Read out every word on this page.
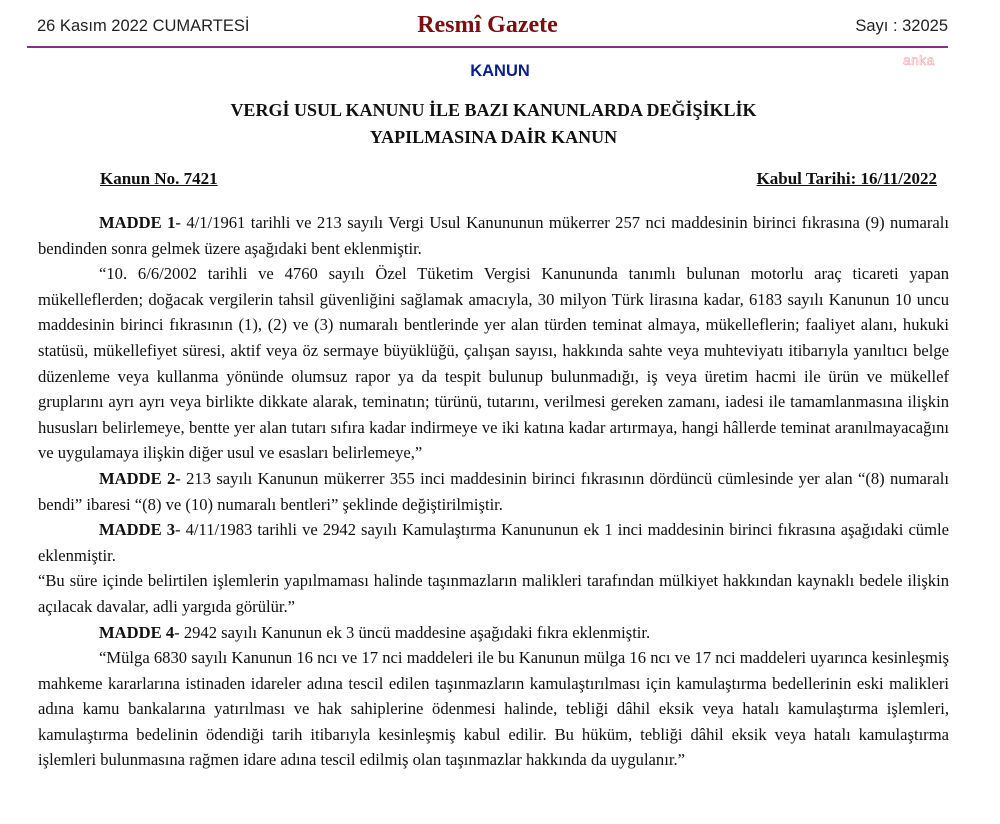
26 Kasım 2022 CUMARTESİ	Resmî Gazete	Sayı : 32025
anka
KANUN
VERGİ USUL KANUNU İLE BAZI KANUNLARDA DEĞİŞİKLİK
YAPILMASINA DAİR KANUN
Kanun No. 7421	Kabul Tarihi: 16/11/2022

MADDE 1- 4/1/1961 tarihli ve 213 sayılı Vergi Usul Kanununun mükerrer 257 nci maddesinin birinci fıkrasına (9) numaralı bendinden sonra gelmek üzere aşağıdaki bent eklenmiştir.

“10. 6/6/2002 tarihli ve 4760 sayılı Özel Tüketim Vergisi Kanununda tanımlı bulunan motorlu araç ticareti yapan mükelleflerden; doğacak vergilerin tahsil güvenliğini sağlamak amacıyla, 30 milyon Türk lirasına kadar, 6183 sayılı Kanunun 10 uncu maddesinin birinci fıkrasının (1), (2) ve (3) numaralı bentlerinde yer alan türden teminat almaya, mükelleflerin; faaliyet alanı, hukuki statüsü, mükellefiyet süresi, aktif veya öz sermaye büyüklüğü, çalışan sayısı, hakkında sahte veya muhteviyatı itibarıyla yanıltıcı belge düzenleme veya kullanma yönünde olumsuz rapor ya da tespit bulunup bulunmadığı, iş veya üretim hacmi ile ürün ve mükellef gruplarını ayrı ayrı veya birlikte dikkate alarak, teminatın; türünü, tutarını, verilmesi gereken zamanı, iadesi ile tamamlanmasına ilişkin hususları belirlemeye, bentte yer alan tutarı sıfıra kadar indirmeye ve iki katına kadar artırmaya, hangi hâllerde teminat aranılmayacağını ve uygulamaya ilişkin diğer usul ve esasları belirlemeye,”

MADDE 2- 213 sayılı Kanunun mükerrer 355 inci maddesinin birinci fıkrasının dördüncü cümlesinde yer alan “(8) numaralı bendi” ibaresi “(8) ve (10) numaralı bentleri” şeklinde değiştirilmiştir.

MADDE 3- 4/11/1983 tarihli ve 2942 sayılı Kamulaştırma Kanununun ek 1 inci maddesinin birinci fıkrasına aşağıdaki cümle eklenmiştir.

“Bu süre içinde belirtilen işlemlerin yapılmaması halinde taşınmazların malikleri tarafından mülkiyet hakkından kaynaklı bedele ilişkin açılacak davalar, adli yargıda görülür.”

MADDE 4- 2942 sayılı Kanunun ek 3 üncü maddesine aşağıdaki fıkra eklenmiştir.

“Mülga 6830 sayılı Kanunun 16 ncı ve 17 nci maddeleri ile bu Kanunun mülga 16 ncı ve 17 nci maddeleri uyarınca kesinleşmiş mahkeme kararlarına istinaden idareler adına tescil edilen taşınmazların kamulaştırılması için kamulaştırma bedellerinin eski malikleri adına kamu bankalarına yatırılması ve hak sahiplerine ödenmesi halinde, tebliği dâhil eksik veya hatalı kamulaştırma işlemleri, kamulaştırma bedelinin ödendiği tarih itibarıyla kesinleşmiş kabul edilir. Bu hüküm, tebliği dâhil eksik veya hatalı kamulaştırma işlemleri bulunmasına rağmen idare adına tescil edilmiş olan taşınmazlar hakkında da uygulanır.”
